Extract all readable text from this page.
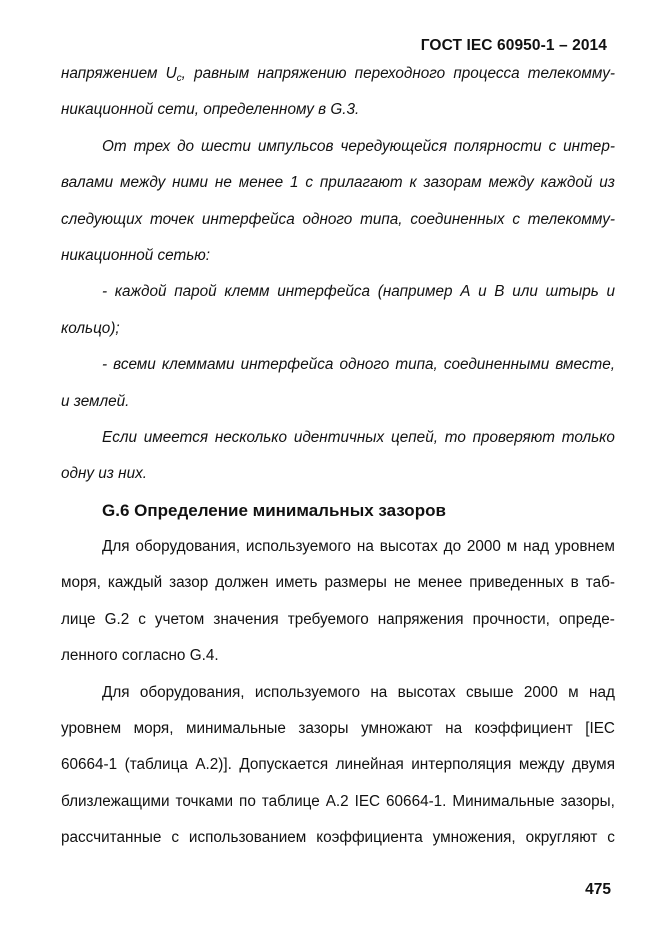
ГОСТ IEC 60950-1 – 2014
напряжением $U_c$, равным напряжению переходного процесса телекомму-
никационной сети, определенному в G.3.
От трех до шести импульсов чередующейся полярности с интер-
валами между ними не менее 1 с прилагают к зазорам между каждой из
следующих точек интерфейса одного типа, соединенных с телекомму-
никационной сетью:
- каждой парой клемм интерфейса (например А и В или штырь и
кольцо);
- всеми клеммами интерфейса одного типа, соединенными вместе,
и землей.
Если имеется несколько идентичных цепей, то проверяют только
одну из них.
G.6 Определение минимальных зазоров
Для оборудования, используемого на высотах до 2000 м над уровнем
моря, каждый зазор должен иметь размеры не менее приведенных в таб-
лице G.2 с учетом значения требуемого напряжения прочности, опреде-
ленного согласно G.4.
Для оборудования, используемого на высотах свыше 2000 м над
уровнем моря, минимальные зазоры умножают на коэффициент [IEC
60664-1 (таблица А.2)]. Допускается линейная интерполяция между двумя
близлежащими точками по таблице А.2 IEC 60664-1. Минимальные зазоры,
рассчитанные с использованием коэффициента умножения, округляют с
475
